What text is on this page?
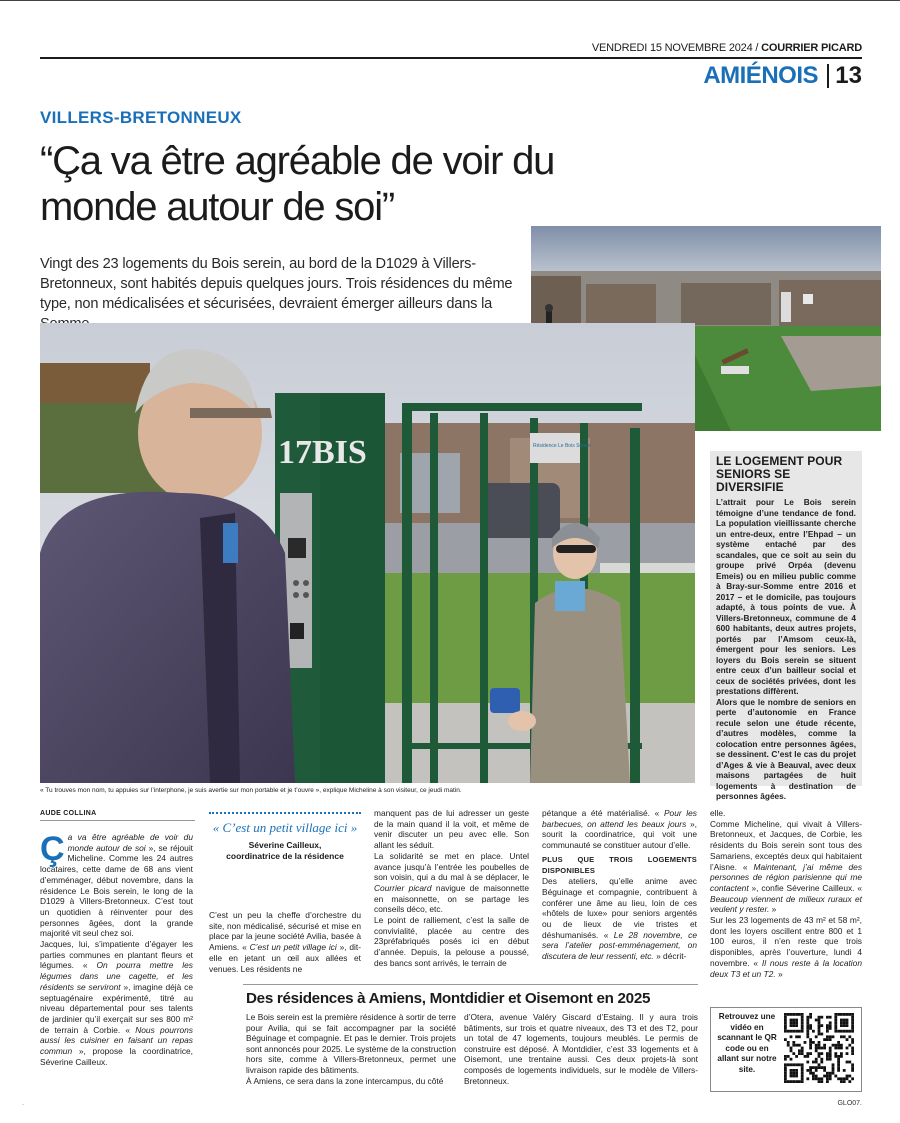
VENDREDI 15 NOVEMBRE 2024 / COURRIER PICARD
AMIÉNOIS 13
VILLERS-BRETONNEUX
“Ça va être agréable de voir du monde autour de soi”
Vingt des 23 logements du Bois serein, au bord de la D1029 à Villers-Bretonneux, sont habités depuis quelques jours. Trois résidences du même type, non médicalisées et sécurisées, devraient émerger ailleurs dans la
17BIS	Résidence Le Bois Serein
« Tu trouves mon nom, tu appuies sur l’interphone, je suis avertie sur mon portable et je t’ouvre », explique Micheline à son visiteur, ce jeudi matin.
AUDE COLLINA

Ça va être agréable de voir du monde autour de soi », se réjouit Micheline. Comme les 24 autres locataires, cette dame de 68 ans vient d’emménager, début novembre, dans la résidence Le Bois serein, le long de la D1029 à Villers-Bretonneux. C’est tout un quotidien à réinventer pour des personnes âgées, dont la grande majorité vit seul chez soi.

Jacques, lui, s’impatiente d’égayer les parties communes en plantant fleurs et légumes. « On pourra mettre les légumes dans une cagette, et les résidents se serviront », imagine déjà ce septuagénaire expérimenté, titré au niveau départemental pour ses talents de jardinier qu’il exerçait sur ses 800 m² de terrain à Corbie. « Nous pourrons aussi les cuisiner en faisant un repas commun », propose la coordinatrice, Séverine Cailleux.

« C’est un petit village ici »
Séverine Cailleux,
coordinatrice de la résidence

C’est un peu la cheffe d’orchestre du site, non médicalisé, sécurisé et mise en place par la jeune société Avilia, basée à Amiens. « C’est un petit village ici », dit-elle en jetant un œil aux allées et venues. Les résidents ne

manquent pas de lui adresser un geste de la main quand il la voit, et même de venir discuter un peu avec elle. Son allant les séduit.

La solidarité se met en place. Untel avance jusqu’à l’entrée les poubelles de son voisin, qui a du mal à se déplacer, le Courrier picard navigue de maisonnette en maisonnette, on se partage les conseils déco, etc.

Le point de ralliement, c’est la salle de convivialité, placée au centre des 23préfabriqués posés ici en début d’année. Depuis, la pelouse a poussé, des bancs sont arrivés, le terrain de

pétanque a été matérialisé. « Pour les barbecues, on attend les beaux jours », sourit la coordinatrice, qui voit une communauté se constituer autour d’elle.

PLUS QUE TROIS LOGEMENTS DISPONIBLES

Des ateliers, qu’elle anime avec Béguinage et compagnie, contribuent à conférer une âme au lieu, loin de ces «hôtels de luxe» pour seniors argentés ou de lieux de vie tristes et déshumanisés. « Le 28 novembre, ce sera l’atelier post-emménagement, on discutera de leur ressenti, etc. » décrit-

elle.

Comme Micheline, qui vivait à Villers-Bretonneux, et Jacques, de Corbie, les résidents du Bois serein sont tous des Samariens, exceptés deux qui habitaient l’Aisne. « Maintenant, j’ai même des personnes de région parisienne qui me contactent », confie Séverine Cailleux. « Beaucoup viennent de milieux ruraux et veulent y rester. »

Sur les 23 logements de 43 m² et 58 m², dont les loyers oscillent entre 800 et 1 100 euros, il n’en reste que trois disponibles, après l’ouverture, lundi 4 novembre. « Il nous reste à la location deux T3 et un T2. »

LE LOGEMENT POUR SENIORS SE DIVERSIFIE

L’attrait pour Le Bois serein témoigne d’une tendance de fond. La population vieillissante cherche un entre-deux, entre l’Ehpad – un système entaché par des scandales, que ce soit au sein du groupe privé Orpéa (devenu Emeis) ou en milieu public comme à Bray-sur-Somme entre 2016 et 2017 – et le domicile, pas toujours adapté, à tous points de vue. À Villers-Bretonneux, commune de 4 600 habitants, deux autres projets, portés par l’Amsom ceux-là, émergent pour les seniors. Les loyers du Bois serein se situent entre ceux d’un bailleur social et ceux de sociétés privées, dont les prestations diffèrent.

Alors que le nombre de seniors en perte d’autonomie en France recule selon une étude récente, d’autres modèles, comme la colocation entre personnes âgées, se dessinent. C’est le cas du projet d’Ages & vie à Beauval, avec deux maisons partagées de huit logements à destination de personnes âgées.

Des résidences à Amiens, Montdidier et Oisemont en 2025

Le Bois serein est la première résidence à sortir de terre pour Avilia, qui se fait accompagner par la société Béguinage et compagnie. Et pas le dernier. Trois projets sont annoncés pour 2025. Le système de la construction hors site, comme à Villers-Bretonneux, permet une livraison rapide des bâtiments.

À Amiens, ce sera dans la zone intercampus, du côté

d’Otera, avenue Valéry Giscard d’Estaing. Il y aura trois bâtiments, sur trois et quatre niveaux, des T3 et des T2, pour un total de 47 logements, toujours meublés. Le permis de construire est déposé. À Montdidier, c’est 33 logements et à Oisemont, une trentaine aussi. Ces deux projets-là sont composés de logements individuels, sur le modèle de Villers-Bretonneux.

Retrouvez une vidéo en scannant le QR code ou en allant sur notre site.
GLO07.
.
